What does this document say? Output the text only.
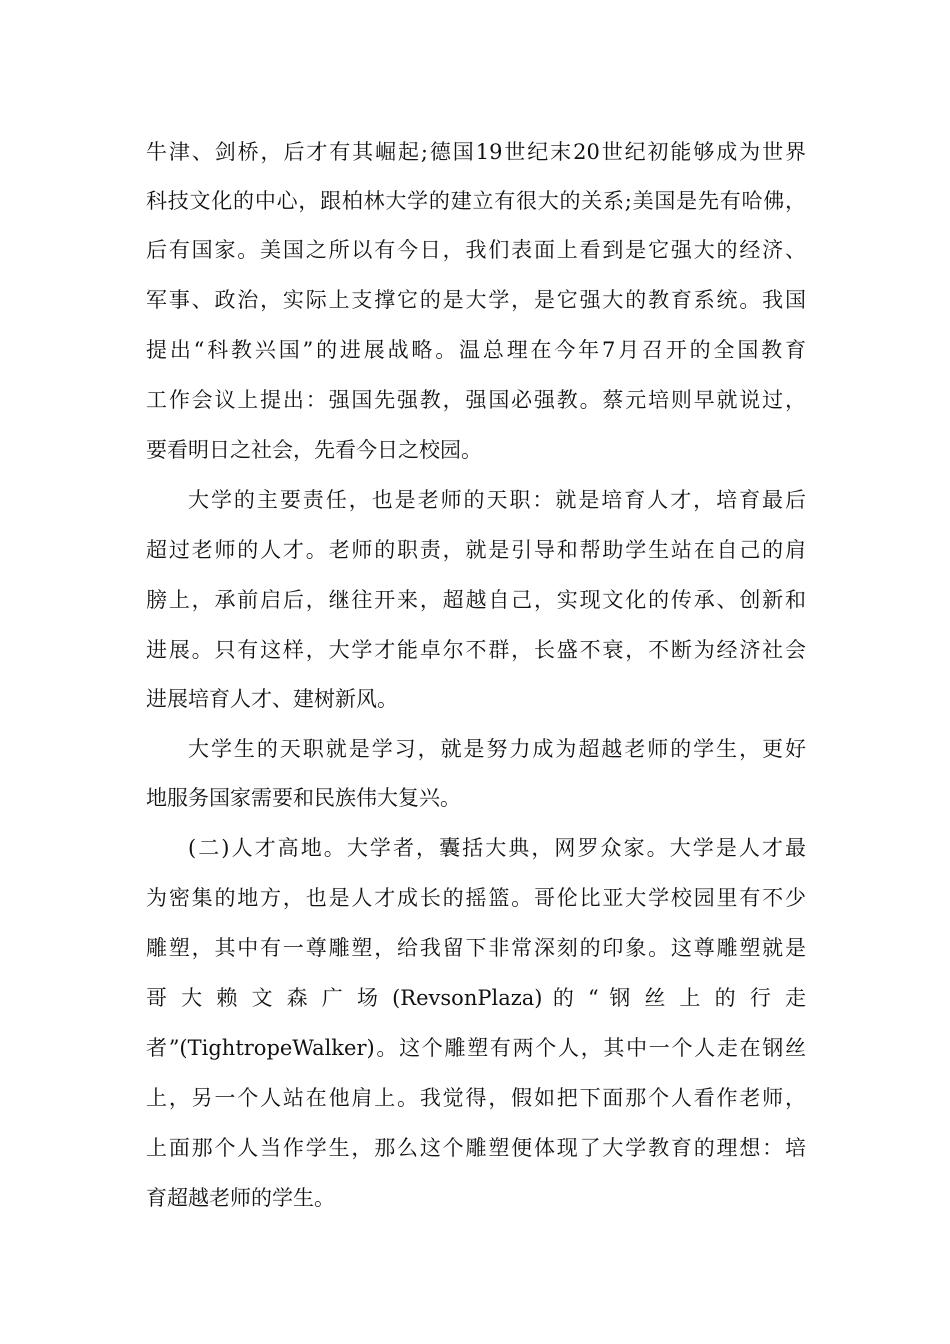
牛津、剑桥，后才有其崛起;德国19世纪末20世纪初能够成为世界
科技文化的中心，跟柏林大学的建立有很大的关系;美国是先有哈佛，
后有国家。美国之所以有今日，我们表面上看到是它强大的经济、
军事、政治，实际上支撑它的是大学，是它强大的教育系统。我国
提出“科教兴国”的进展战略。温总理在今年7月召开的全国教育
工作会议上提出：强国先强教，强国必强教。蔡元培则早就说过，
要看明日之社会，先看今日之校园。
大学的主要责任，也是老师的天职：就是培育人才，培育最后
超过老师的人才。老师的职责，就是引导和帮助学生站在自己的肩
膀上，承前启后，继往开来，超越自己，实现文化的传承、创新和
进展。只有这样，大学才能卓尔不群，长盛不衰，不断为经济社会
进展培育人才、建树新风。
大学生的天职就是学习，就是努力成为超越老师的学生，更好
地服务国家需要和民族伟大复兴。
(二)人才高地。大学者，囊括大典，网罗众家。大学是人才最
为密集的地方，也是人才成长的摇篮。哥伦比亚大学校园里有不少
雕塑，其中有一尊雕塑，给我留下非常深刻的印象。这尊雕塑就是
哥 大 赖 文 森 广 场 (RevsonPlaza) 的 “ 钢 丝 上 的 行 走
者”(TightropeWalker)。这个雕塑有两个人，其中一个人走在钢丝
上，另一个人站在他肩上。我觉得，假如把下面那个人看作老师，
上面那个人当作学生，那么这个雕塑便体现了大学教育的理想：培
育超越老师的学生。
